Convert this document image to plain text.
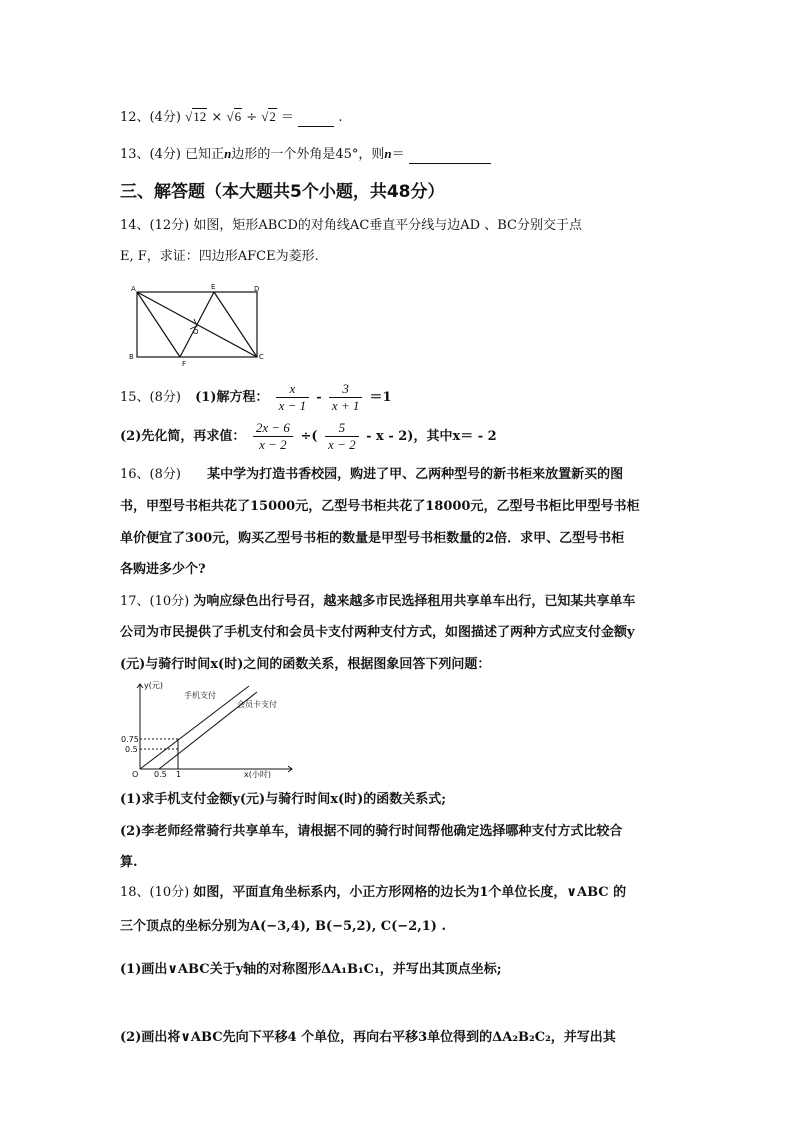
12、(4分) √12 × √6 ÷ √2 ＝	.
13、(4分) 已知正n边形的一个外角是45°，则n＝
三、解答题（本大题共5个小题，共48分）
14、(12分) 如图，矩形ABCD的对角线AC垂直平分线与边AD 、BC分别交于点
E, F，求证：四边形AFCE为菱形.
A	E	D
O
B
F
C
15、(8分) (1)解方程： $\frac{x}{x - 1} - \frac{3}{x + 1} =1$
(2)先化简，再求值： $\frac{2x - 6}{x - 2}$ ÷( $\frac{5}{x - 2}$ - x - 2)，其中x＝ - 2
16、(8分) 某中学为打造书香校园，购进了甲、乙两种型号的新书柜来放置新买的图
书，甲型号书柜共花了15000元，乙型号书柜共花了18000元，乙型号书柜比甲型号书柜
单价便宜了300元，购买乙型号书柜的数量是甲型号书柜数量的2倍．求甲、乙型号书柜
各购进多少个?
17、(10分) 为响应绿色出行号召，越来越多市民选择租用共享单车出行，已知某共享单车
公司为市民提供了手机支付和会员卡支付两种支付方式，如图描述了两种方式应支付金额y
(元)与骑行时间x(时)之间的函数关系，根据图象回答下列问题：
y(元)
x(小时)
手机支付
会员卡支付
0.75
0.5
O 0.5 1
(1)求手机支付金额y(元)与骑行时间x(时)的函数关系式;
(2)李老师经常骑行共享单车，请根据不同的骑行时间帮他确定选择哪种支付方式比较合
算.
18、(10分) 如图，平面直角坐标系内，小正方形网格的边长为1个单位长度，∨ABC 的
三个顶点的坐标分别为A(−3,4), B(−5,2), C(−2,1) .
(1)画出∨ABC关于y轴的对称图形ΔA₁B₁C₁，并写出其顶点坐标;
(2)画出将∨ABC先向下平移4 个单位，再向右平移3单位得到的ΔA₂B₂C₂，并写出其
